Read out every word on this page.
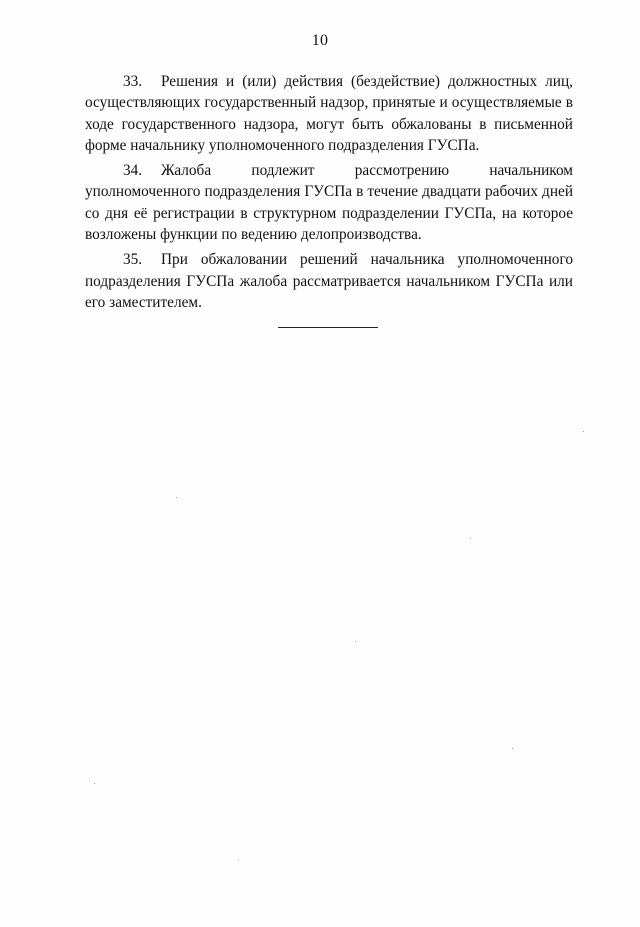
10

33. Решения и (или) действия (бездействие) должностных лиц, осуществляющих государственный надзор, принятые и осуществляемые в ходе государственного надзора, могут быть обжалованы в письменной форме начальнику уполномоченного подразделения ГУСПа.

34. Жалоба подлежит рассмотрению начальником уполномоченного подразделения ГУСПа в течение двадцати рабочих дней со дня её регистрации в структурном подразделении ГУСПа, на которое возложены функции по ведению делопроизводства.

35. При обжаловании решений начальника уполномоченного подразделения ГУСПа жалоба рассматривается начальником ГУСПа или его заместителем.
